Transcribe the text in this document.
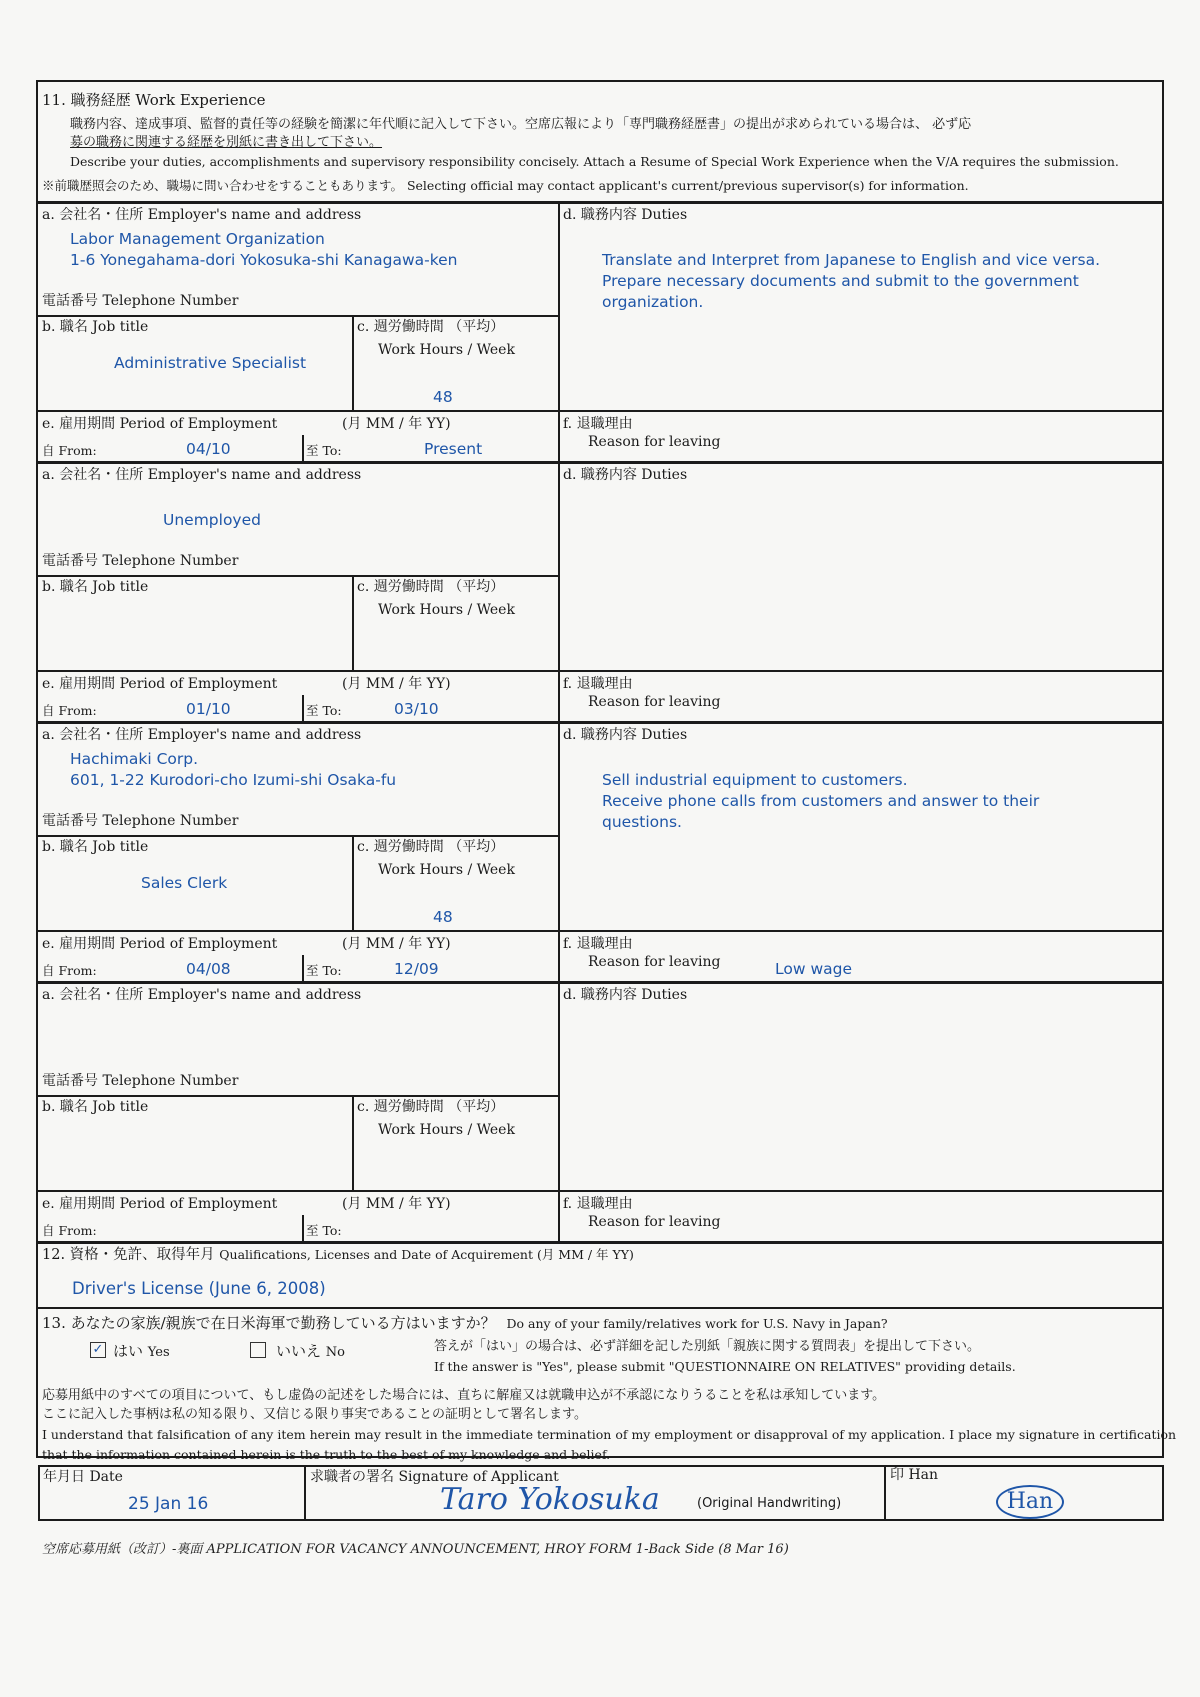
11. 職務経歴 Work Experience
職務内容、達成事項、監督的責任等の経験を簡潔に年代順に記入して下さい。空席広報により「専門職務経歴書」の提出が求められている場合は、 必ず応
募の職務に関連する経歴を別紙に書き出して下さい。
Describe your duties, accomplishments and supervisory responsibility concisely. Attach a Resume of Special Work Experience when the V/A requires the submission.
※前職歴照会のため、職場に問い合わせをすることもあります。 Selecting official may contact applicant's current/previous supervisor(s) for information.
a. 会社名・住所 Employer's name and address
Labor Management Organization
1-6 Yonegahama-dori Yokosuka-shi Kanagawa-ken
電話番号 Telephone Number
b. 職名 Job title
Administrative Specialist
c. 週労働時間 （平均）
Work Hours / Week
48
e. 雇用期間 Period of Employment	(月 MM / 年 YY)
自 From:	04/10	至 To:	Present
d. 職務内容 Duties
Translate and Interpret from Japanese to English and vice versa.
Prepare necessary documents and submit to the government
organization.
f. 退職理由
Reason for leaving
a. 会社名・住所 Employer's name and address
Unemployed
電話番号 Telephone Number
b. 職名 Job title	c. 週労働時間 （平均）
Work Hours / Week
e. 雇用期間 Period of Employment	(月 MM / 年 YY)
自 From:	01/10	至 To:	03/10
d. 職務内容 Duties
f. 退職理由
Reason for leaving
a. 会社名・住所 Employer's name and address
Hachimaki Corp.
601, 1-22 Kurodori-cho Izumi-shi Osaka-fu
電話番号 Telephone Number
b. 職名 Job title
Sales Clerk
c. 週労働時間 （平均）
Work Hours / Week
48
e. 雇用期間 Period of Employment	(月 MM / 年 YY)
自 From:	04/08	至 To:	12/09
d. 職務内容 Duties
Sell industrial equipment to customers.
Receive phone calls from customers and answer to their
questions.
f. 退職理由
Reason for leaving	Low wage
a. 会社名・住所 Employer's name and address
電話番号 Telephone Number
b. 職名 Job title	c. 週労働時間 （平均）
Work Hours / Week
e. 雇用期間 Period of Employment	(月 MM / 年 YY)
自 From:	至 To:
d. 職務内容 Duties
f. 退職理由
Reason for leaving
12. 資格・免許、取得年月 Qualifications, Licenses and Date of Acquirement (月 MM / 年 YY)
Driver's License (June 6, 2008)
13. あなたの家族/親族で在日米海軍で勤務している方はいますか？ Do any of your family/relatives work for U.S. Navy in Japan?
✓ はい Yes	いいえ No	答えが「はい」の場合は、必ず詳細を記した別紙「親族に関する質問表」を提出して下さい。
If the answer is "Yes", please submit "QUESTIONNAIRE ON RELATIVES" providing details.
応募用紙中のすべての項目について、もし虚偽の記述をした場合には、直ちに解雇又は就職申込が不承認になりうることを私は承知しています。
ここに記入した事柄は私の知る限り、又信じる限り事実であることの証明として署名します。
I understand that falsification of any item herein may result in the immediate termination of my employment or disapproval of my application. I place my signature in certification
that the information contained herein is the truth to the best of my knowledge and belief.
年月日 Date
25 Jan 16
求職者の署名 Signature of Applicant
Taro Yokosuka	(Original Handwriting)
印 Han
Han
空席応募用紙（改訂）-裏面 APPLICATION FOR VACANCY ANNOUNCEMENT, HROY FORM 1-Back Side (8 Mar 16)
